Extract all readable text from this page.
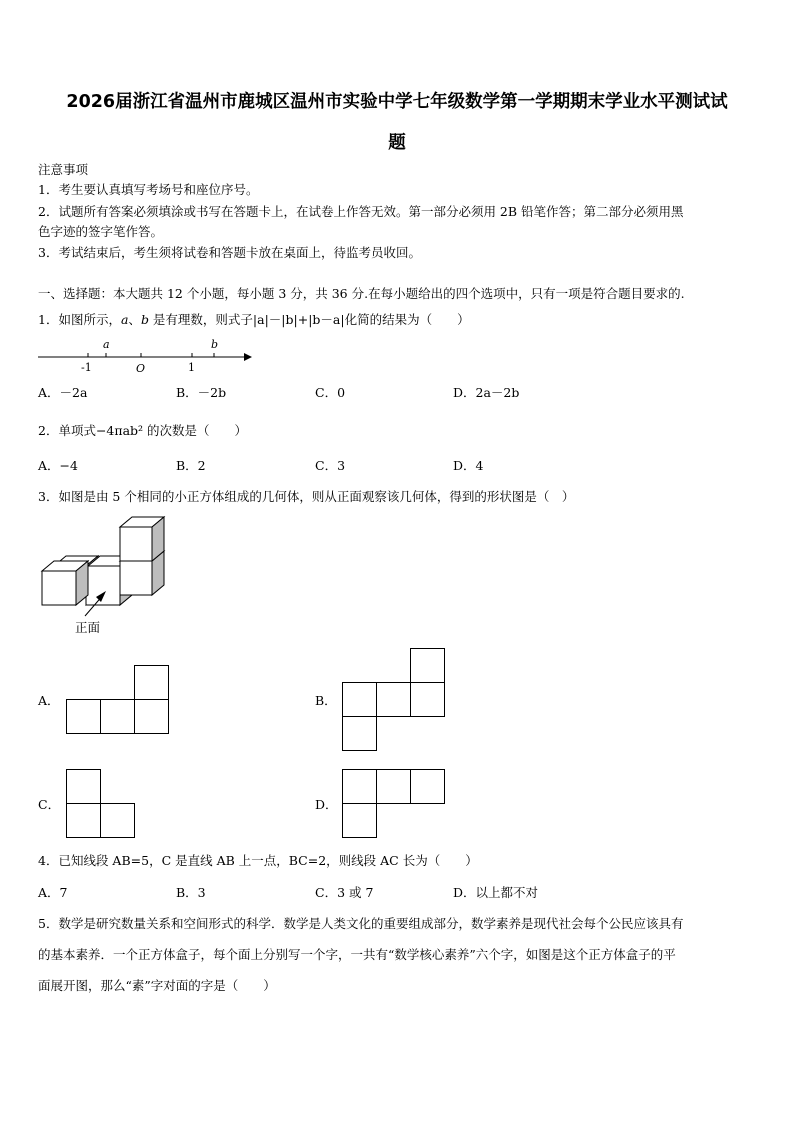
2026届浙江省温州市鹿城区温州市实验中学七年级数学第一学期期末学业水平测试试
题
注意事项
1．考生要认真填写考场号和座位序号。
2．试题所有答案必须填涂或书写在答题卡上，在试卷上作答无效。第一部分必须用 2B 铅笔作答；第二部分必须用黑
色字迹的签字笔作答。
3．考试结束后，考生须将试卷和答题卡放在桌面上，待监考员收回。
一、选择题：本大题共 12 个小题，每小题 3 分，共 36 分.在每小题给出的四个选项中，只有一项是符合题目要求的.
1．如图所示，a、b 是有理数，则式子|a|－|b|+|b－a|化简的结果为（　　）
a	b
-1	O	1
A．－2a	B．－2b	C．0	D．2a－2b
2．单项式−4πab² 的次数是（　　）
A．−4	B．2	C．3	D．4
3．如图是由 5 个相同的小正方体组成的几何体，则从正面观察该几何体，得到的形状图是（　）
正面
A．	B．
C．	D．
4．已知线段 AB=5，C 是直线 AB 上一点，BC=2，则线段 AC 长为（　　）
A．7	B．3	C．3 或 7	D．以上都不对
5．数学是研究数量关系和空间形式的科学．数学是人类文化的重要组成部分，数学素养是现代社会每个公民应该具有
的基本素养．一个正方体盒子，每个面上分别写一个字，一共有“数学核心素养”六个字，如图是这个正方体盒子的平
面展开图，那么“素”字对面的字是（　　）
